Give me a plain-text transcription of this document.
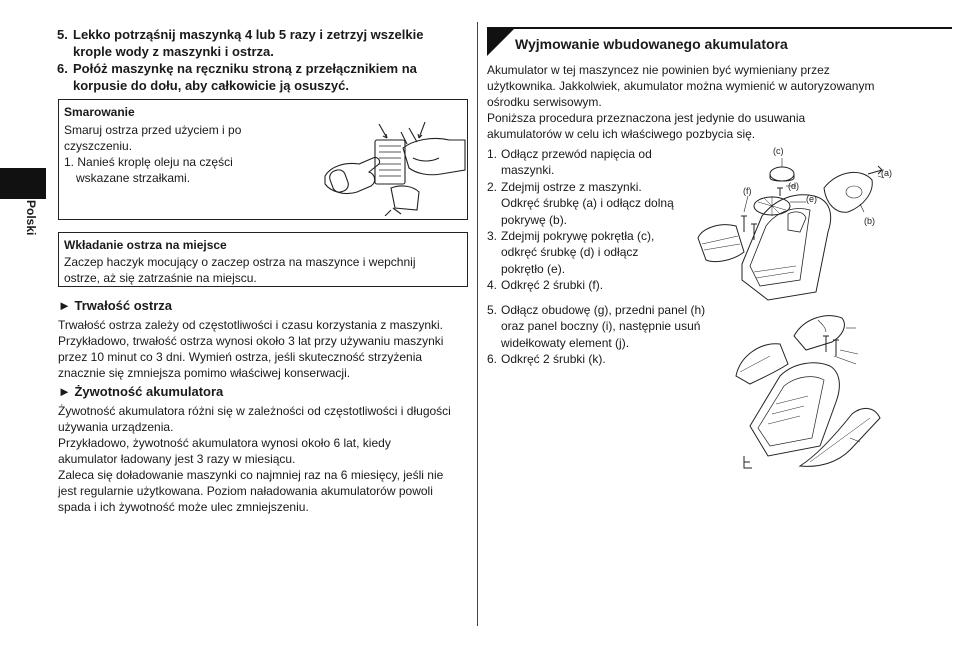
Polski

5. Lekko potrząśnij maszynką 4 lub 5 razy i zetrzyj wszelkie

krople wody z maszynki i ostrza.

6. Połóż maszynkę na ręczniku stroną z przełącznikiem na

korpusie do dołu, aby całkowicie ją osuszyć.

Smarowanie
Smaruj ostrza przed użyciem i po
czyszczeniu.
1. Nanieś kroplę oleju na części
wskazane strzałkami.
Wkładanie ostrza na miejsce
Zaczep haczyk mocujący o zaczep ostrza na maszynce i wepchnij
ostrze, aż się zatrzaśnie na miejscu.
► Trwałość ostrza
Trwałość ostrza zależy od częstotliwości i czasu korzystania z maszynki.
Przykładowo, trwałość ostrza wynosi około 3 lat przy używaniu maszynki
przez 10 minut co 3 dni. Wymień ostrza, jeśli skuteczność strzyżenia
znacznie się zmniejsza pomimo właściwej konserwacji.
► Żywotność akumulatora
Żywotność akumulatora różni się w zależności od częstotliwości i długości
używania urządzenia.
Przykładowo, żywotność akumulatora wynosi około 6 lat, kiedy
akumulator ładowany jest 3 razy w miesiącu.
Zaleca się doładowanie maszynki co najmniej raz na 6 miesięcy, jeśli nie
jest regularnie użytkowana. Poziom naładowania akumulatorów powoli
spada i ich żywotność może ulec zmniejszeniu.
Wyjmowanie wbudowanego akumulatora
Akumulator w tej maszyncez nie powinien być wymieniany przez
użytkownika. Jakkolwiek, akumulator można wymienić w autoryzowanym
ośrodku serwisowym.
Poniższa procedura przeznaczona jest jedynie do usuwania
akumulatorów w celu ich właściwego pozbycia się.

1. Odłącz przewód napięcia od

maszynki.

2. Zdejmij ostrze z maszynki.

Odkręć śrubkę (a) i odłącz dolną

pokrywę (b).

3. Zdejmij pokrywę pokrętła (c),

odkręć śrubkę (d) i odłącz

pokrętło (e).

4. Odkręć 2 śrubki (f).

5. Odłącz obudowę (g), przedni panel (h)

oraz panel boczny (i), następnie usuń

widełkowaty element (j).

6. Odkręć 2 śrubki (k).

(c)
(d)
(e)
(f)
(a)
(b)
